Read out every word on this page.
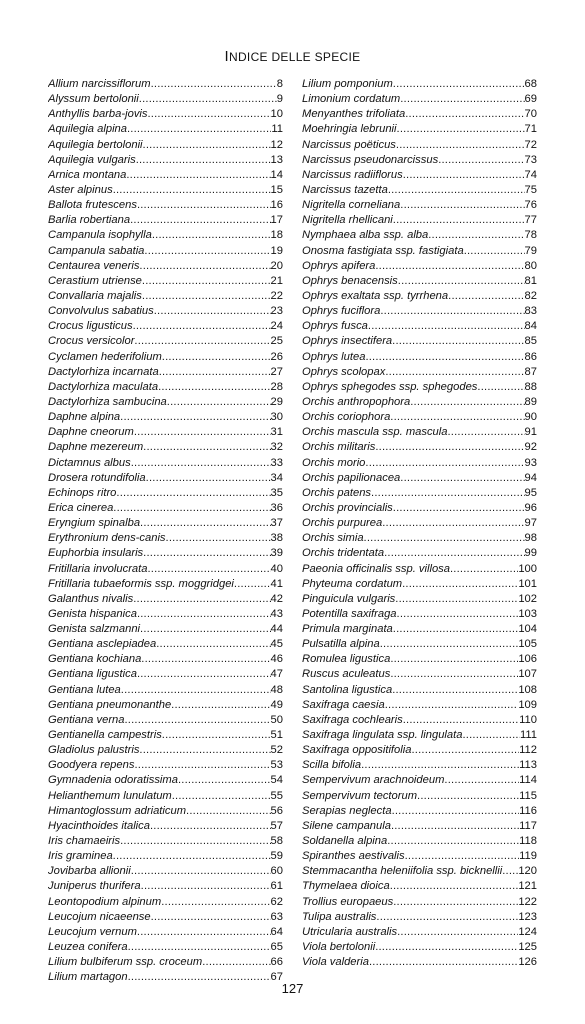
INDICE DELLE SPECIE
Allium narcissiflorum .....	8
Alyssum bertolonii .....	9
Anthyllis barba-jovis .....	10
Aquilegia alpina .....	11
Aquilegia bertolonii .....	12
Aquilegia vulgaris .....	13
Arnica montana .....	14
Aster alpinus .....	15
Ballota frutescens .....	16
Barlia robertiana .....	17
Campanula isophylla .....	18
Campanula sabatia .....	19
Centaurea veneris .....	20
Cerastium utriense .....	21
Convallaria majalis .....	22
Convolvulus sabatius .....	23
Crocus ligusticus .....	24
Crocus versicolor .....	25
Cyclamen hederifolium .....	26
Dactylorhiza incarnata .....	27
Dactylorhiza maculata .....	28
Dactylorhiza sambucina .....	29
Daphne alpina .....	30
Daphne cneorum .....	31
Daphne mezereum .....	32
Dictamnus albus .....	33
Drosera rotundifolia .....	34
Echinops ritro .....	35
Erica cinerea .....	36
Eryngium spinalba .....	37
Erythronium dens-canis .....	38
Euphorbia insularis .....	39
Fritillaria involucrata .....	40
Fritillaria tubaeformis ssp. moggridgei .....	41
Galanthus nivalis .....	42
Genista hispanica .....	43
Genista salzmanni .....	44
Gentiana asclepiadea .....	45
Gentiana kochiana .....	46
Gentiana ligustica .....	47
Gentiana lutea .....	48
Gentiana pneumonanthe .....	49
Gentiana verna .....	50
Gentianella campestris .....	51
Gladiolus palustris .....	52
Goodyera repens .....	53
Gymnadenia odoratissima .....	54
Helianthemum lunulatum .....	55
Himantoglossum adriaticum .....	56
Hyacinthoides italica .....	57
Iris chamaeiris .....	58
Iris graminea .....	59
Jovibarba allionii .....	60
Juniperus thurifera .....	61
Leontopodium alpinum .....	62
Leucojum nicaeense .....	63
Leucojum vernum .....	64
Leuzea conifera .....	65
Lilium bulbiferum ssp. croceum .....	66
Lilium martagon .....	67
Lilium pomponium .....	68
Limonium cordatum .....	69
Menyanthes trifoliata .....	70
Moehringia lebrunii .....	71
Narcissus poëticus .....	72
Narcissus pseudonarcissus .....	73
Narcissus radiiflorus .....	74
Narcissus tazetta .....	75
Nigritella corneliana .....	76
Nigritella rhellicani .....	77
Nymphaea alba ssp. alba .....	78
Onosma fastigiata ssp. fastigiata .....	79
Ophrys apifera .....	80
Ophrys benacensis .....	81
Ophrys exaltata ssp. tyrrhena .....	82
Ophrys fuciflora .....	83
Ophrys fusca .....	84
Ophrys insectifera .....	85
Ophrys lutea .....	86
Ophrys scolopax .....	87
Ophrys sphegodes ssp. sphegodes .....	88
Orchis anthropophora .....	89
Orchis coriophora .....	90
Orchis mascula ssp. mascula .....	91
Orchis militaris .....	92
Orchis morio .....	93
Orchis papilionacea .....	94
Orchis patens .....	95
Orchis provincialis .....	96
Orchis purpurea .....	97
Orchis simia .....	98
Orchis tridentata .....	99
Paeonia officinalis ssp. villosa .....	100
Phyteuma cordatum .....	101
Pinguicula vulgaris .....	102
Potentilla saxifraga .....	103
Primula marginata .....	104
Pulsatilla alpina .....	105
Romulea ligustica .....	106
Ruscus aculeatus .....	107
Santolina ligustica .....	108
Saxifraga caesia .....	109
Saxifraga cochlearis .....	110
Saxifraga lingulata ssp. lingulata .....	111
Saxifraga oppositifolia .....	112
Scilla bifolia .....	113
Sempervivum arachnoideum .....	114
Sempervivum tectorum .....	115
Serapias neglecta .....	116
Silene campanula .....	117
Soldanella alpina .....	118
Spiranthes aestivalis .....	119
Stemmacantha heleniifolia ssp. bicknellii ..... 120
Thymelaea dioica .....	121
Trollius europaeus .....	122
Tulipa australis .....	123
Utricularia australis .....	124
Viola bertolonii .....	125
Viola valderia .....	126
127
